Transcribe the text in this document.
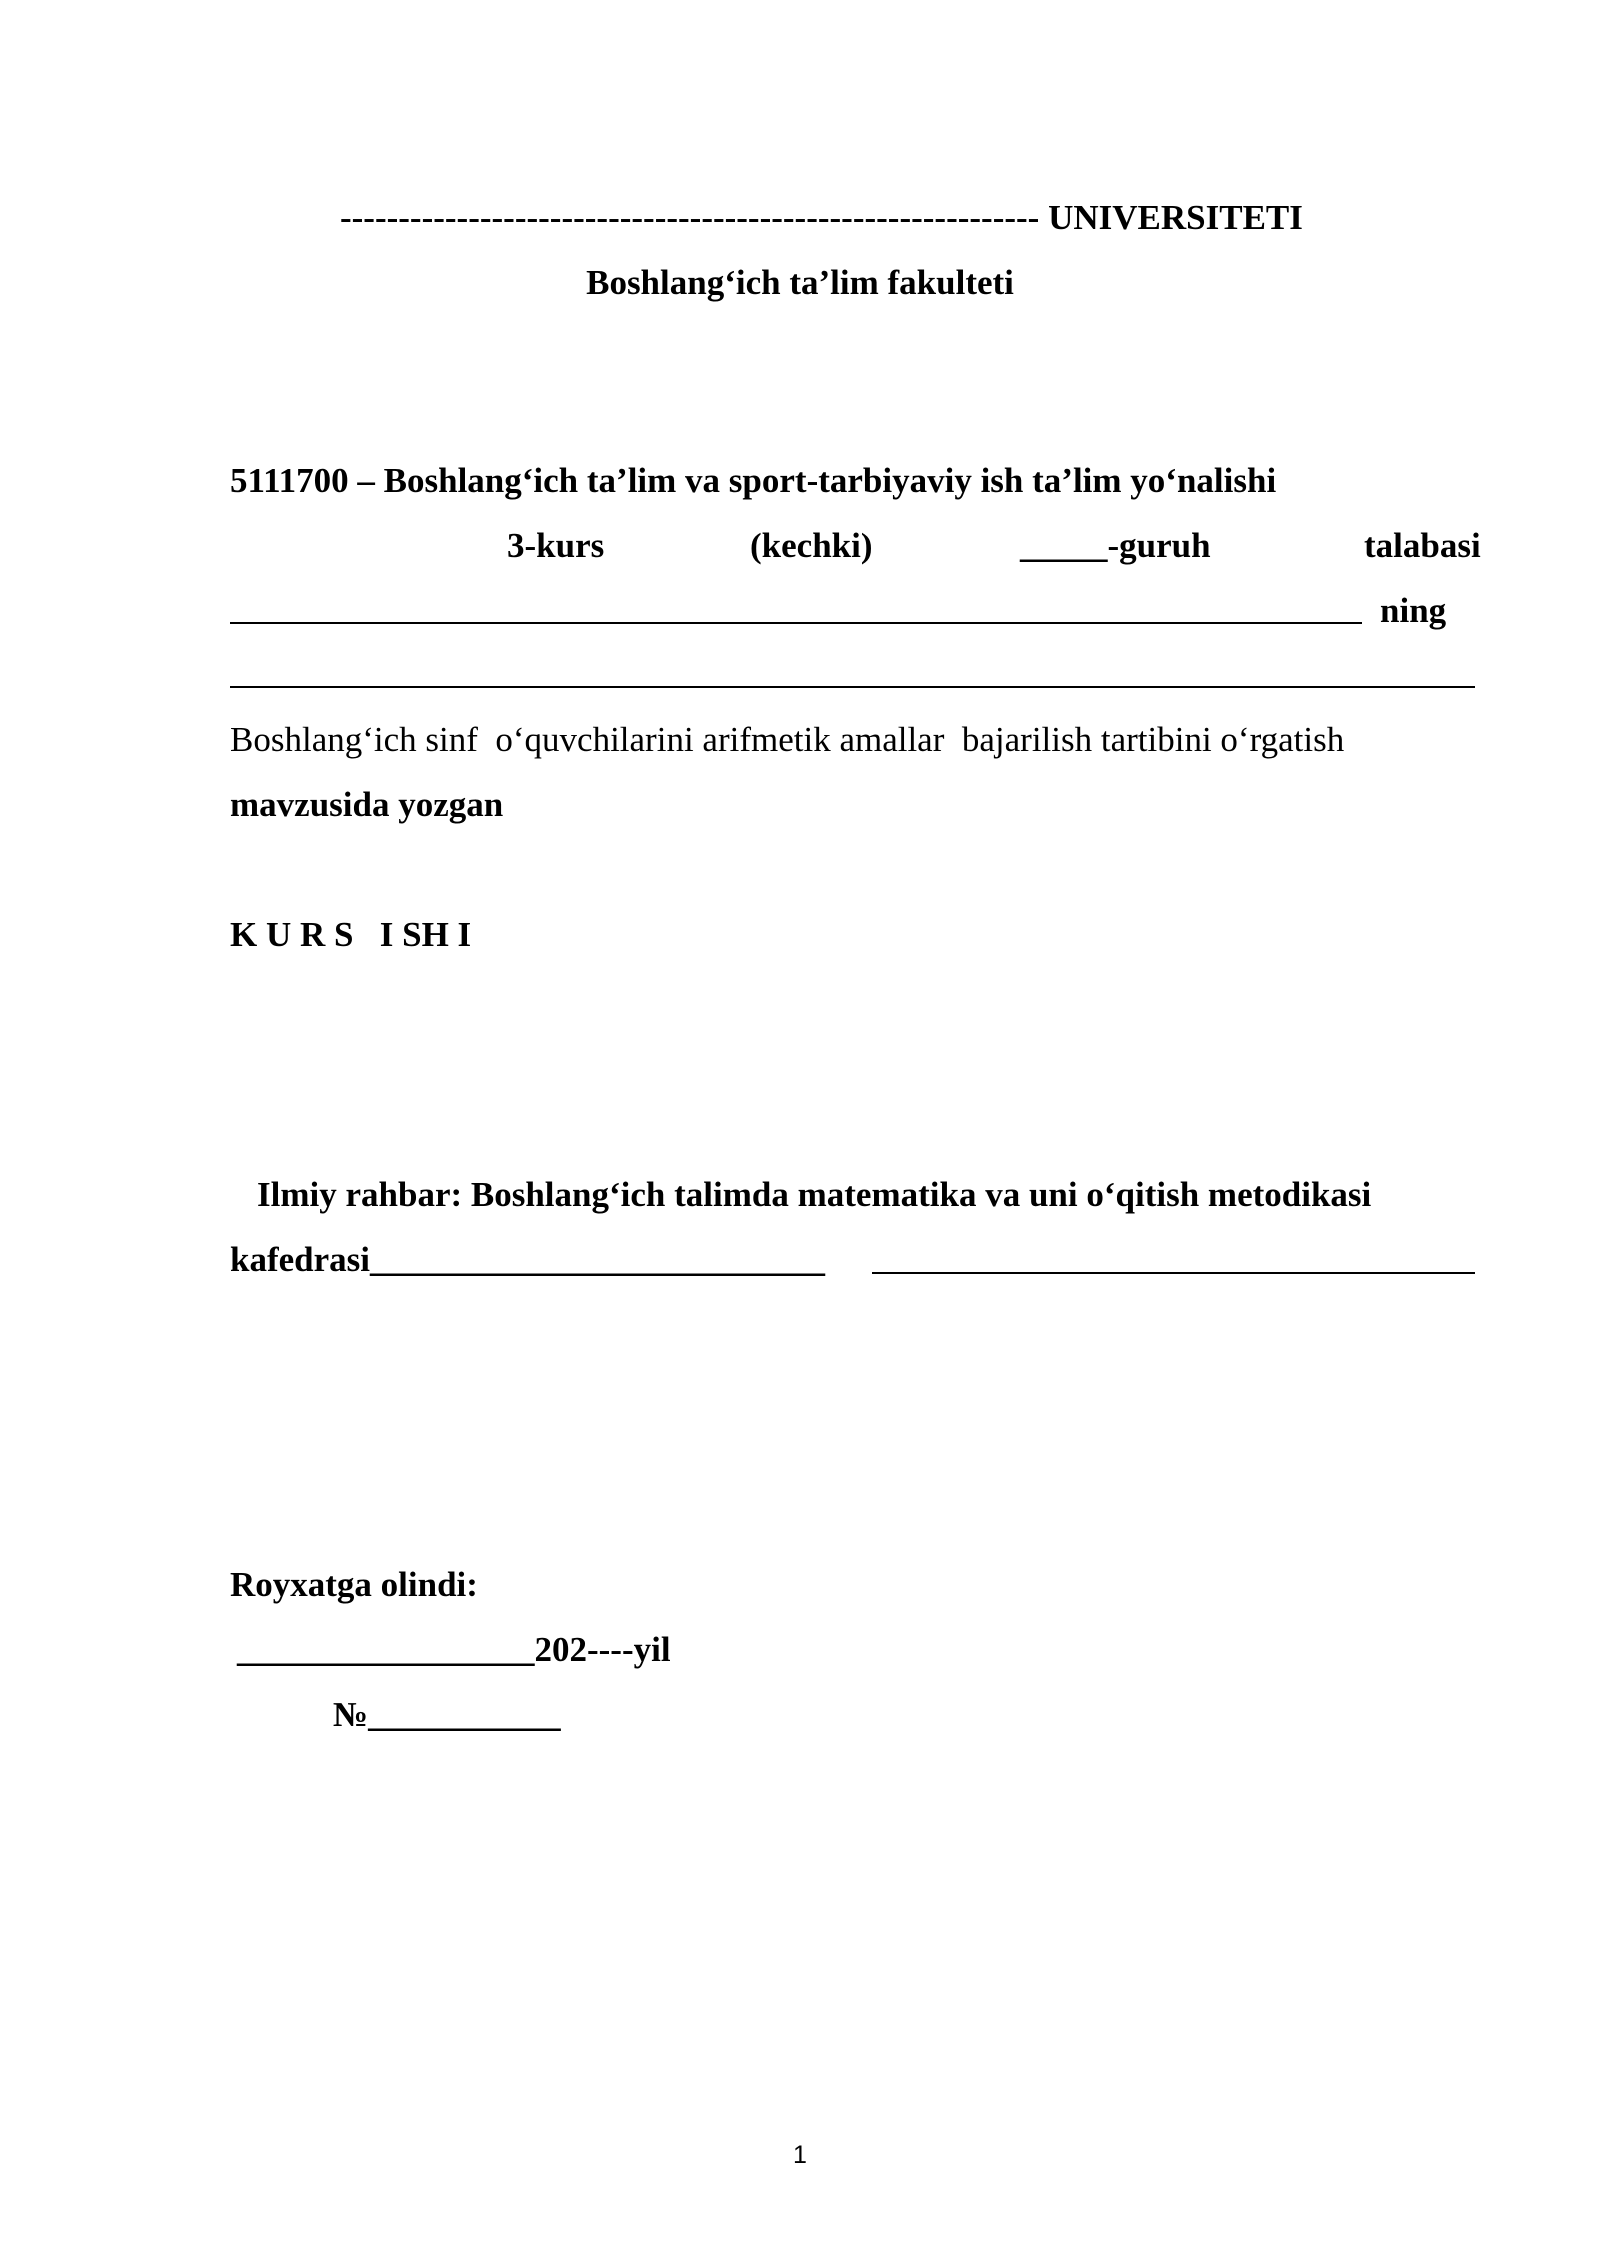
------------------------------------------------------------ UNIVERSITETI
Boshlang‘ich ta’lim fakulteti
5111700 – Boshlang‘ich ta’lim va sport-tarbiyaviy ish ta’lim yo‘nalishi
3-kurs	(kechki)	_____-guruh	talabasi
ning
Boshlang‘ich sinf  o‘quvchilarini arifmetik amallar  bajarilish tartibini o‘rgatish
mavzusida yozgan
K U R S   I SH I
Ilmiy rahbar: Boshlang‘ich talimda matematika va uni o‘qitish metodikasi
kafedrasi__________________________
Royxatga olindi:
_________________202----yil
№___________
1
